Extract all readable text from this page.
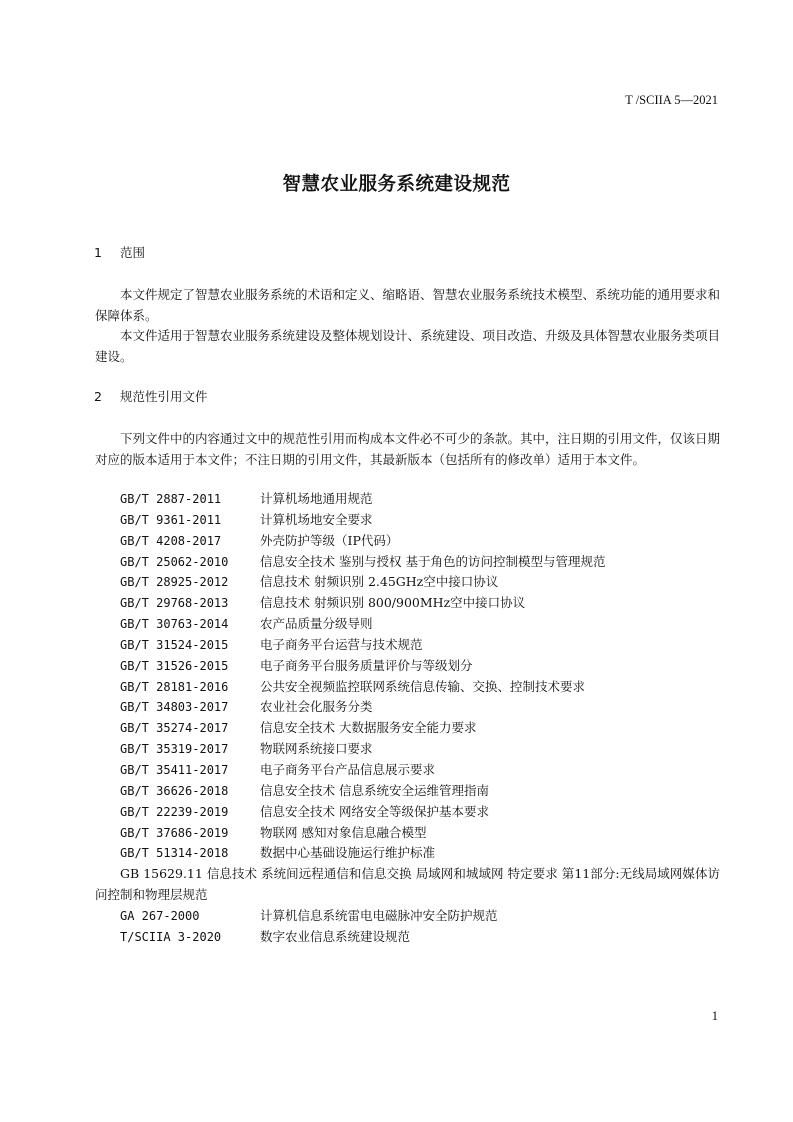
T /SCIIA 5—2021
智慧农业服务系统建设规范
1 范围
本文件规定了智慧农业服务系统的术语和定义、缩略语、智慧农业服务系统技术模型、系统功能的通用要求和保障体系。
本文件适用于智慧农业服务系统建设及整体规划设计、系统建设、项目改造、升级及具体智慧农业服务类项目建设。
2 规范性引用文件
下列文件中的内容通过文中的规范性引用而构成本文件必不可少的条款。其中，注日期的引用文件，仅该日期对应的版本适用于本文件；不注日期的引用文件，其最新版本（包括所有的修改单）适用于本文件。
GB/T 2887-2011	计算机场地通用规范
GB/T 9361-2011	计算机场地安全要求
GB/T 4208-2017	外壳防护等级（IP代码）
GB/T 25062-2010	信息安全技术 鉴别与授权 基于角色的访问控制模型与管理规范
GB/T 28925-2012	信息技术 射频识别 2.45GHz空中接口协议
GB/T 29768-2013	信息技术 射频识别 800/900MHz空中接口协议
GB/T 30763-2014	农产品质量分级导则
GB/T 31524-2015	电子商务平台运营与技术规范
GB/T 31526-2015	电子商务平台服务质量评价与等级划分
GB/T 28181-2016	公共安全视频监控联网系统信息传输、交换、控制技术要求
GB/T 34803-2017	农业社会化服务分类
GB/T 35274-2017	信息安全技术 大数据服务安全能力要求
GB/T 35319-2017	物联网系统接口要求
GB/T 35411-2017	电子商务平台产品信息展示要求
GB/T 36626-2018	信息安全技术 信息系统安全运维管理指南
GB/T 22239-2019	信息安全技术 网络安全等级保护基本要求
GB/T 37686-2019	物联网 感知对象信息融合模型
GB/T 51314-2018	数据中心基础设施运行维护标准
GB 15629.11 信息技术 系统间远程通信和信息交换 局域网和城域网 特定要求 第11部分:无线局域网媒体访问控制和物理层规范
GA 267-2000	计算机信息系统雷电电磁脉冲安全防护规范
T/SCIIA 3-2020	数字农业信息系统建设规范
1
